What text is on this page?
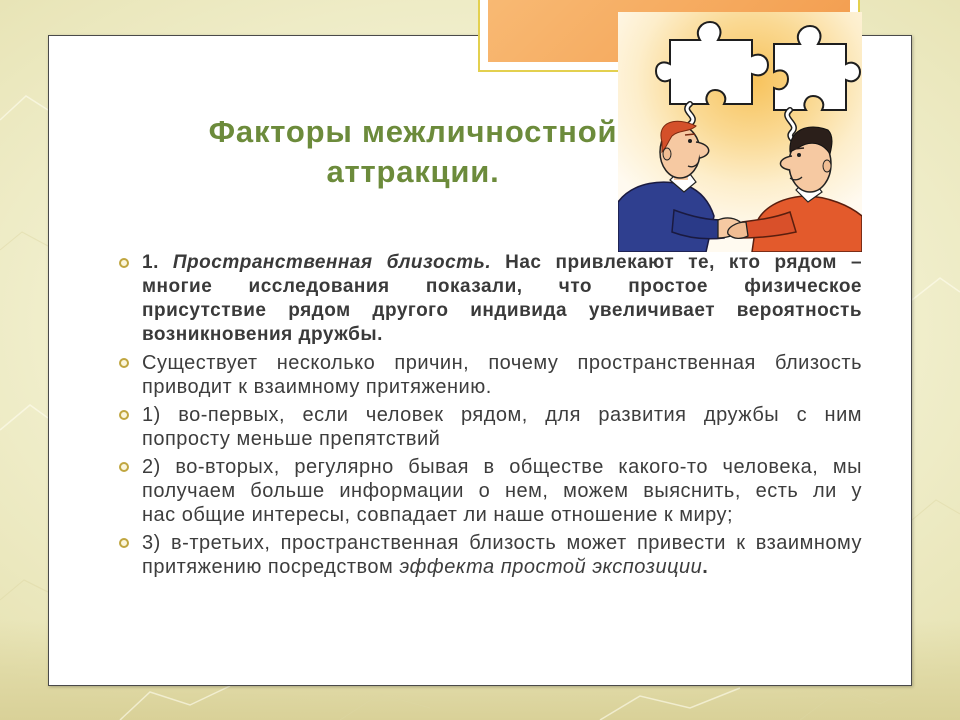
Факторы межличностной
аттракции.
1. Пространственная близость. Нас привлекают те, кто рядом –
многие исследования показали, что простое физическое
присутствие рядом другого индивида увеличивает вероятность
возникновения дружбы.
Существует несколько причин, почему пространственная близость
приводит к взаимному притяжению.
1) во-первых, если человек рядом, для развития дружбы с ним
попросту меньше препятствий
2) во-вторых, регулярно бывая в обществе какого-то человека, мы
получаем больше информации о нем, можем выяснить, есть ли у
нас общие интересы, совпадает ли наше отношение к миру;
3) в-третьих, пространственная близость может привести к взаимному
притяжению посредством эффекта простой экспозиции.
